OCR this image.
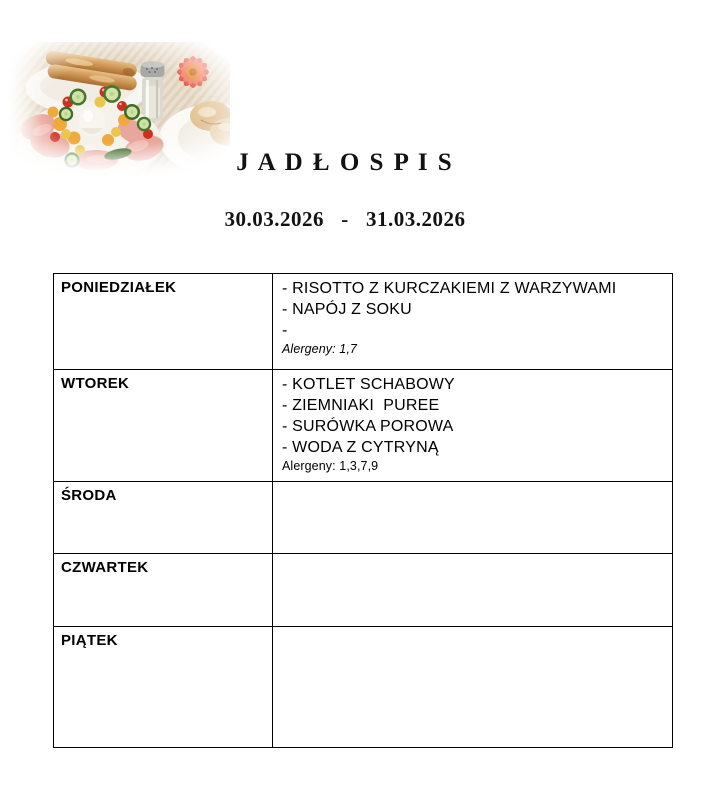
J A D Ł O S P I S
30.03.2026   -   31.03.2026
PONIEDZIAŁEK	- RISOTTO Z KURCZAKIEMI Z WARZYWAMI
- NAPÓJ Z SOKU
-
Alergeny: 1,7

WTOREK	- KOTLET SCHABOWY
- ZIEMNIAKI  PUREE
- SURÓWKA POROWA
- WODA Z CYTRYNĄ
Alergeny: 1,3,7,9

ŚRODA	

CZWARTEK	

PIĄTEK	
